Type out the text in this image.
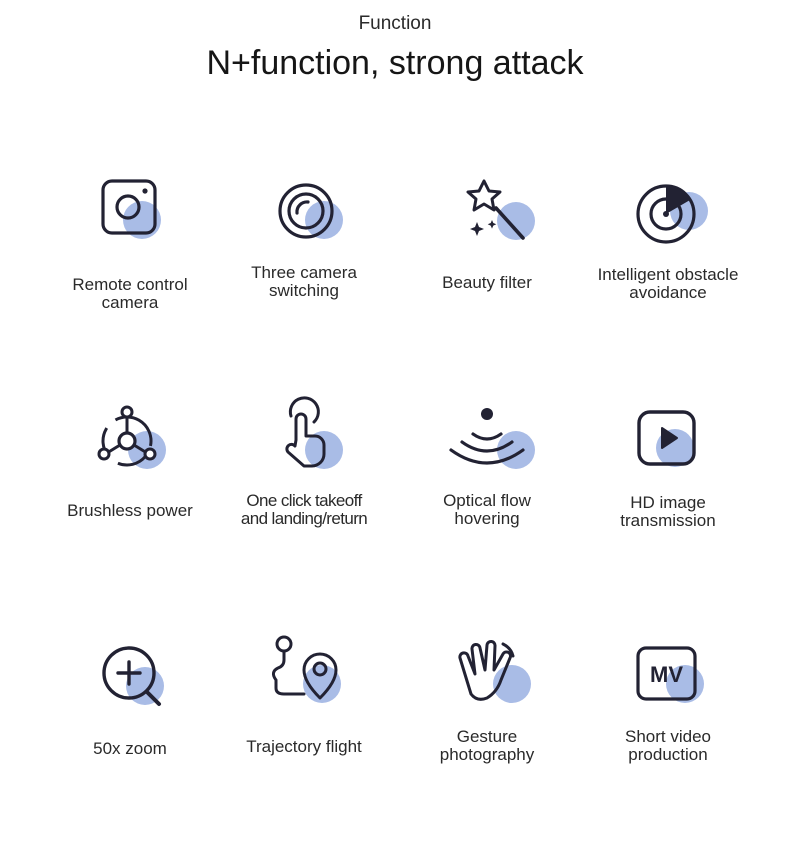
Function
N+function, strong attack
Remote control
camera
Three camera
switching	Beauty filter	Intelligent obstacle
avoidance
Brushless power
One click takeoff
and landing/return
Optical flow
hovering
HD image
transmission
50x zoom	Trajectory flight
Gesture
photography
MV
Short video
production
